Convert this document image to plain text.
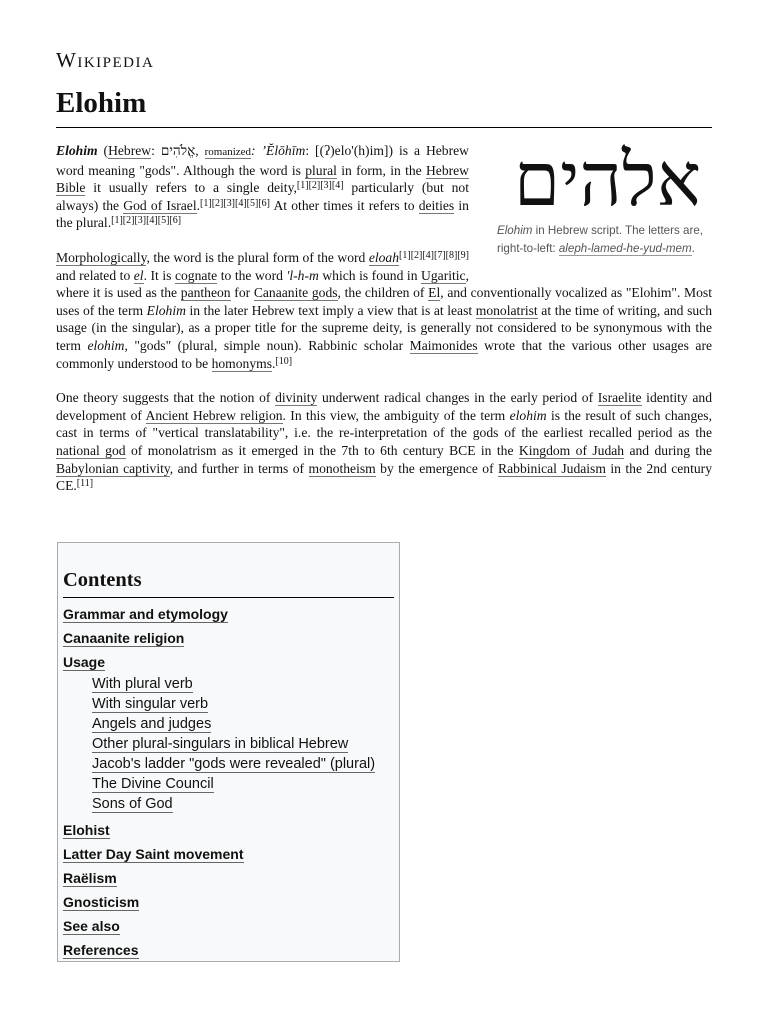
Wikipedia
Elohim
אלהים
Elohim in Hebrew script. The letters are, right-to-left: aleph-lamed-he-yud-mem.

Elohim (Hebrew: אֱלֹהִים, romanized: ʼĔlōhīm: [(ʔ)elo'(h)im]) is a Hebrew word meaning "gods". Although the word is plural in form, in the Hebrew Bible it usually refers to a single deity,[1][2][3][4] particularly (but not always) the God of Israel.[1][2][3][4][5][6] At other times it refers to deities in the plural.[1][2][3][4][5][6]

Morphologically, the word is the plural form of the word eloah[1][2][4][7][8][9] and related to el. It is cognate to the word 'l-h-m which is found in Ugaritic, where it is used as the pantheon for Canaanite gods, the children of El, and conventionally vocalized as "Elohim". Most uses of the term Elohim in the later Hebrew text imply a view that is at least monolatrist at the time of writing, and such usage (in the singular), as a proper title for the supreme deity, is generally not considered to be synonymous with the term elohim, "gods" (plural, simple noun). Rabbinic scholar Maimonides wrote that the various other usages are commonly understood to be homonyms.[10]

One theory suggests that the notion of divinity underwent radical changes in the early period of Israelite identity and development of Ancient Hebrew religion. In this view, the ambiguity of the term elohim is the result of such changes, cast in terms of "vertical translatability", i.e. the re-interpretation of the gods of the earliest recalled period as the national god of monolatrism as it emerged in the 7th to 6th century BCE in the Kingdom of Judah and during the Babylonian captivity, and further in terms of monotheism by the emergence of Rabbinical Judaism in the 2nd century CE.[11]

Contents
Grammar and etymology
Canaanite religion
Usage
With plural verb
With singular verb
Angels and judges
Other plural-singulars in biblical Hebrew
Jacob's ladder "gods were revealed" (plural)
The Divine Council
Sons of God
Elohist
Latter Day Saint movement
Raëlism
Gnosticism
See also
References
